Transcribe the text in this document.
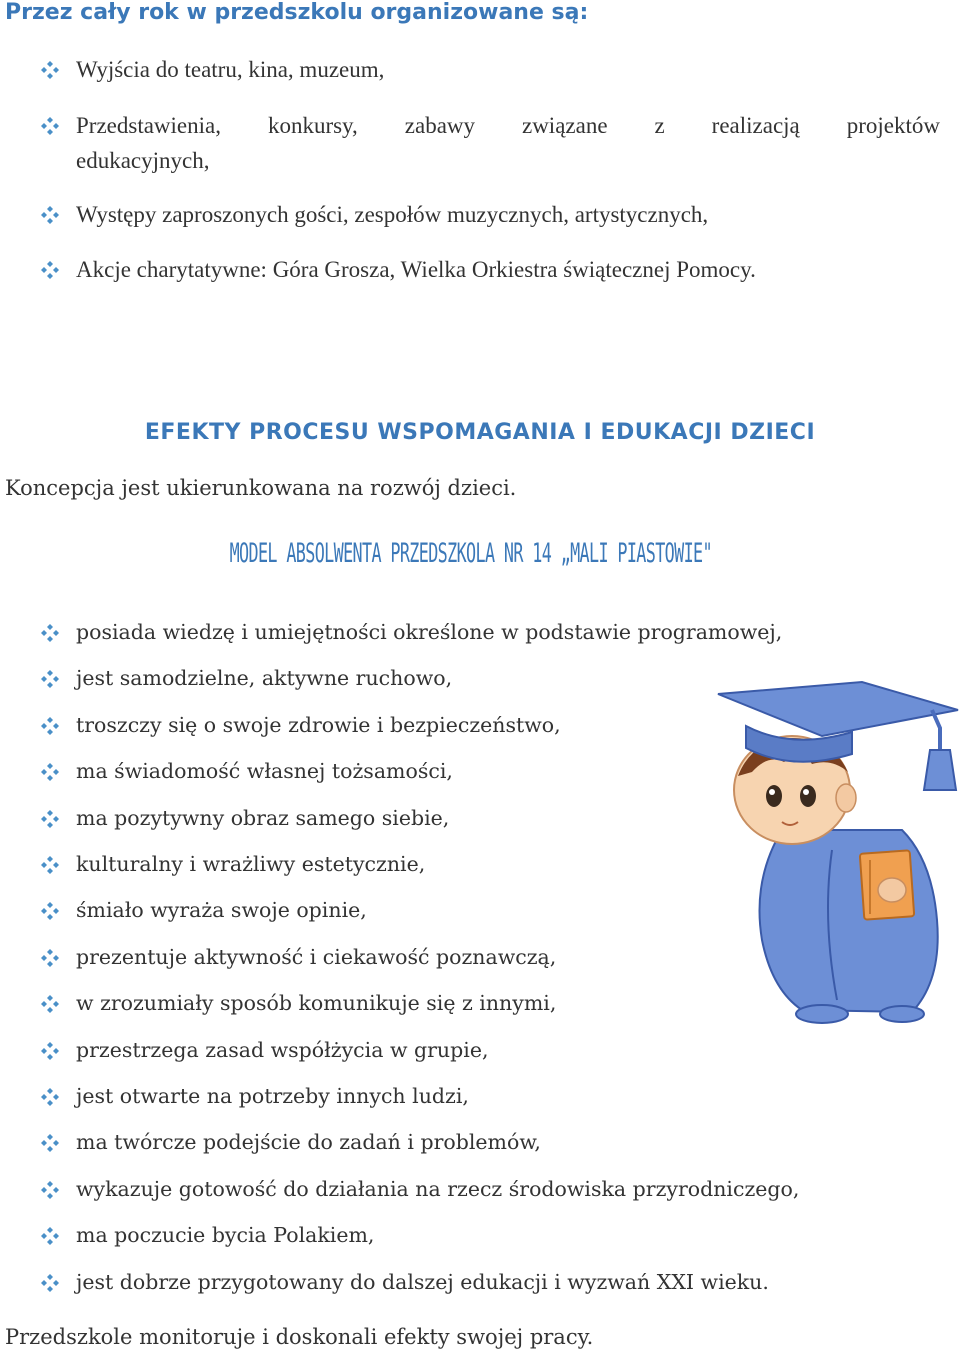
Przez cały rok w przedszkolu organizowane są:
Wyjścia do teatru, kina, muzeum,
Przedstawienia, konkursy, zabawy związane z realizacją projektów
edukacyjnych,
Występy zaproszonych gości, zespołów muzycznych, artystycznych,
Akcje charytatywne: Góra Grosza, Wielka Orkiestra świątecznej Pomocy.
EFEKTY PROCESU WSPOMAGANIA I EDUKACJI DZIECI
Koncepcja jest ukierunkowana na rozwój dzieci.
MODEL ABSOLWENTA PRZEDSZKOLA NR 14 „MALI PIASTOWIE"
posiada wiedzę i umiejętności określone w podstawie programowej,
jest samodzielne, aktywne ruchowo,
troszczy się o swoje zdrowie i bezpieczeństwo,
ma świadomość własnej tożsamości,
ma pozytywny obraz samego siebie,
kulturalny i wrażliwy estetycznie,
śmiało wyraża swoje opinie,
prezentuje aktywność i ciekawość poznawczą,
w zrozumiały sposób komunikuje się z innymi,
przestrzega zasad współżycia w grupie,
jest otwarte na potrzeby innych ludzi,
ma twórcze podejście do zadań i problemów,
wykazuje gotowość do działania na rzecz środowiska przyrodniczego,
ma poczucie bycia Polakiem,
jest dobrze przygotowany do dalszej edukacji i wyzwań XXI wieku.
Przedszkole monitoruje i doskonali efekty swojej pracy.
